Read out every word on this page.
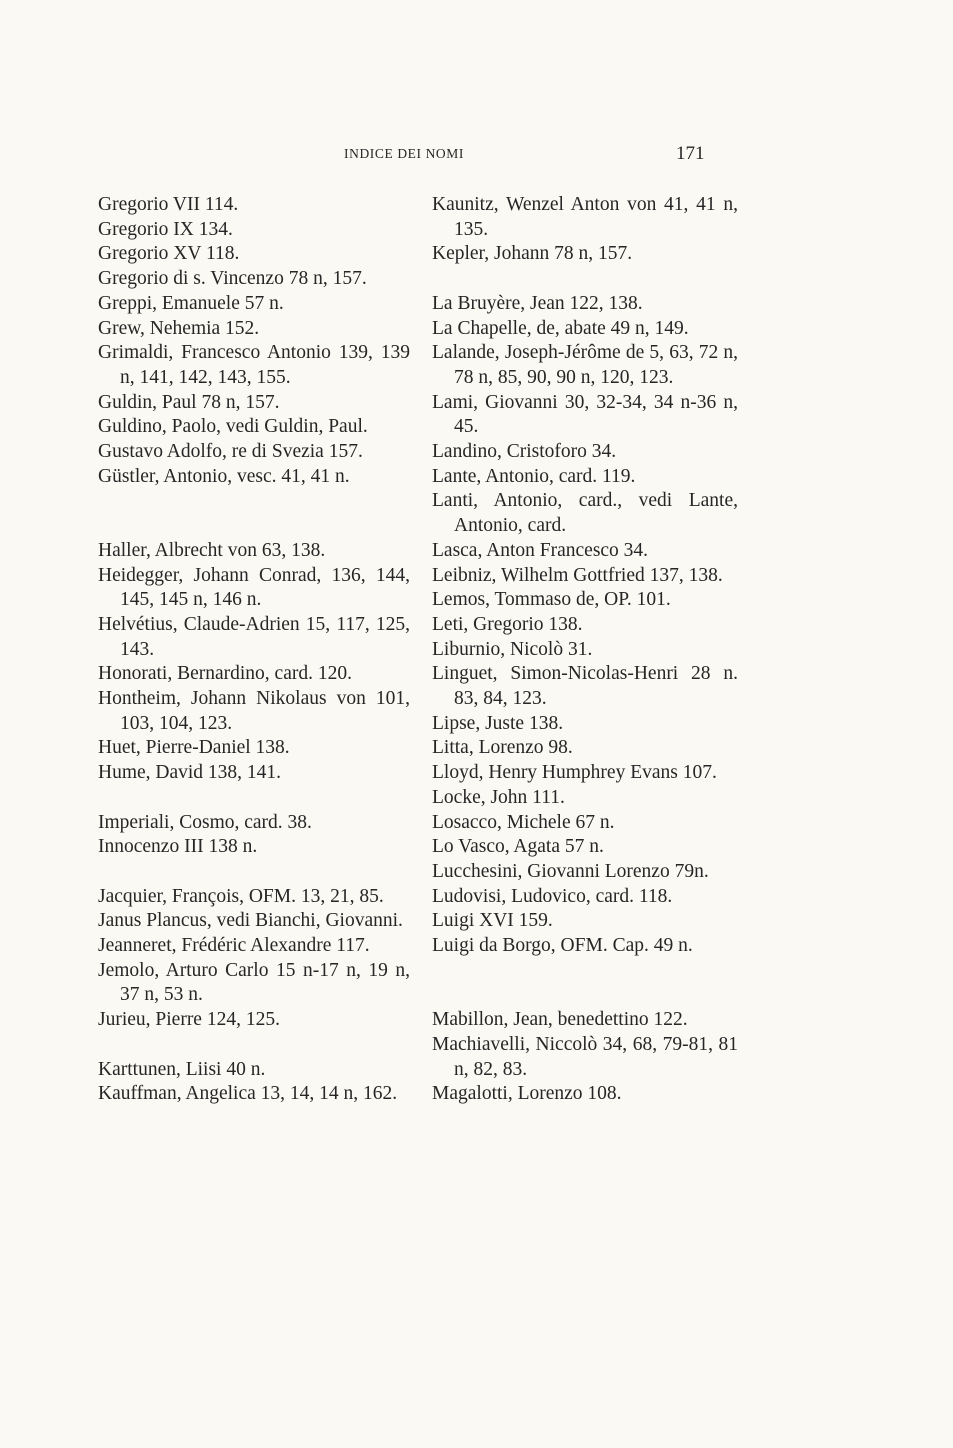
INDICE DEI NOMI	171
Gregorio VII 114.
Gregorio IX 134.
Gregorio XV 118.
Gregorio di s. Vincenzo 78 n, 157.
Greppi, Emanuele 57 n.
Grew, Nehemia 152.
Grimaldi, Francesco Antonio 139, 139 n, 141, 142, 143, 155.
Guldin, Paul 78 n, 157.
Guldino, Paolo, vedi Guldin, Paul.
Gustavo Adolfo, re di Svezia 157.
Güstler, Antonio, vesc. 41, 41 n.
Haller, Albrecht von 63, 138.
Heidegger, Johann Conrad, 136, 144, 145, 145 n, 146 n.
Helvétius, Claude-Adrien 15, 117, 125, 143.
Honorati, Bernardino, card. 120.
Hontheim, Johann Nikolaus von 101, 103, 104, 123.
Huet, Pierre-Daniel 138.
Hume, David 138, 141.
Imperiali, Cosmo, card. 38.
Innocenzo III 138 n.
Jacquier, François, OFM. 13, 21, 85.
Janus Plancus, vedi Bianchi, Giovanni.
Jeanneret, Frédéric Alexandre 117.
Jemolo, Arturo Carlo 15 n-17 n, 19 n, 37 n, 53 n.
Jurieu, Pierre 124, 125.
Karttunen, Liisi 40 n.
Kauffman, Angelica 13, 14, 14 n, 162.
Kaunitz, Wenzel Anton von 41, 41 n, 135.
Kepler, Johann 78 n, 157.
La Bruyère, Jean 122, 138.
La Chapelle, de, abate 49 n, 149.
Lalande, Joseph-Jérôme de 5, 63, 72 n, 78 n, 85, 90, 90 n, 120, 123.
Lami, Giovanni 30, 32-34, 34 n-36 n, 45.
Landino, Cristoforo 34.
Lante, Antonio, card. 119.
Lanti, Antonio, card., vedi Lante, Antonio, card.
Lasca, Anton Francesco 34.
Leibniz, Wilhelm Gottfried 137, 138.
Lemos, Tommaso de, OP. 101.
Leti, Gregorio 138.
Liburnio, Nicolò 31.
Linguet, Simon-Nicolas-Henri 28 n. 83, 84, 123.
Lipse, Juste 138.
Litta, Lorenzo 98.
Lloyd, Henry Humphrey Evans 107.
Locke, John 111.
Losacco, Michele 67 n.
Lo Vasco, Agata 57 n.
Lucchesini, Giovanni Lorenzo 79n.
Ludovisi, Ludovico, card. 118.
Luigi XVI 159.
Luigi da Borgo, OFM. Cap. 49 n.
Mabillon, Jean, benedettino 122.
Machiavelli, Niccolò 34, 68, 79-81, 81 n, 82, 83.
Magalotti, Lorenzo 108.
